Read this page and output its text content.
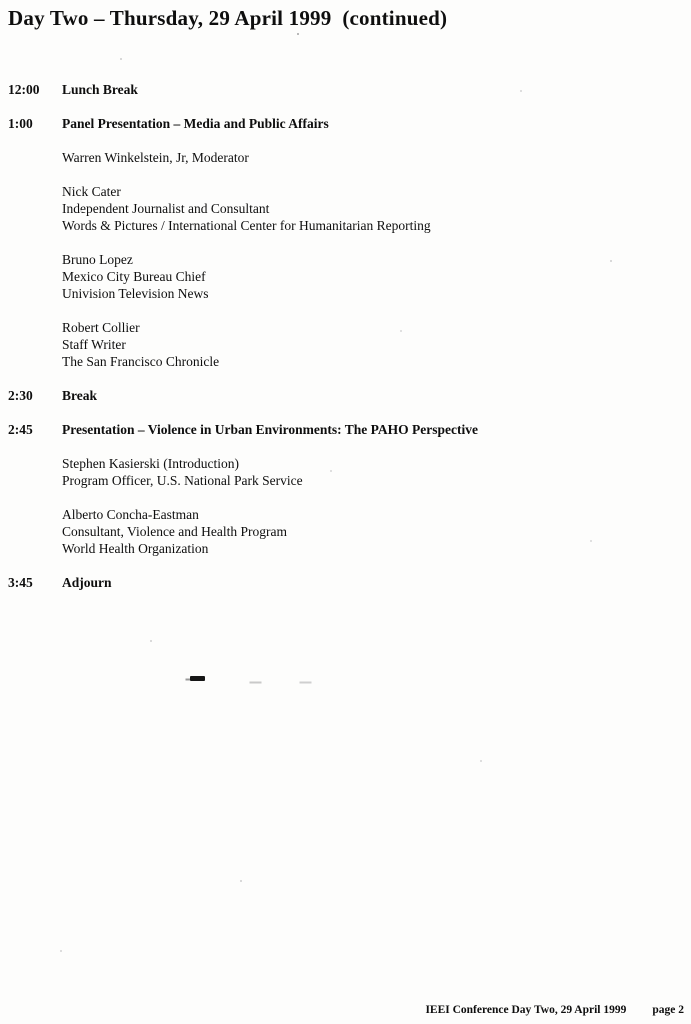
Day Two – Thursday, 29 April 1999  (continued)
12:00	Lunch Break
1:00	Panel Presentation – Media and Public Affairs
Warren Winkelstein, Jr, Moderator
Nick Cater
Independent Journalist and Consultant
Words & Pictures / International Center for Humanitarian Reporting
Bruno Lopez
Mexico City Bureau Chief
Univision Television News
Robert Collier
Staff Writer
The San Francisco Chronicle
2:30	Break
2:45	Presentation – Violence in Urban Environments: The PAHO Perspective
Stephen Kasierski (Introduction)
Program Officer, U.S. National Park Service
Alberto Concha-Eastman
Consultant, Violence and Health Program
World Health Organization
3:45	Adjourn
IEEI Conference Day Two, 29 April 1999 page 2
